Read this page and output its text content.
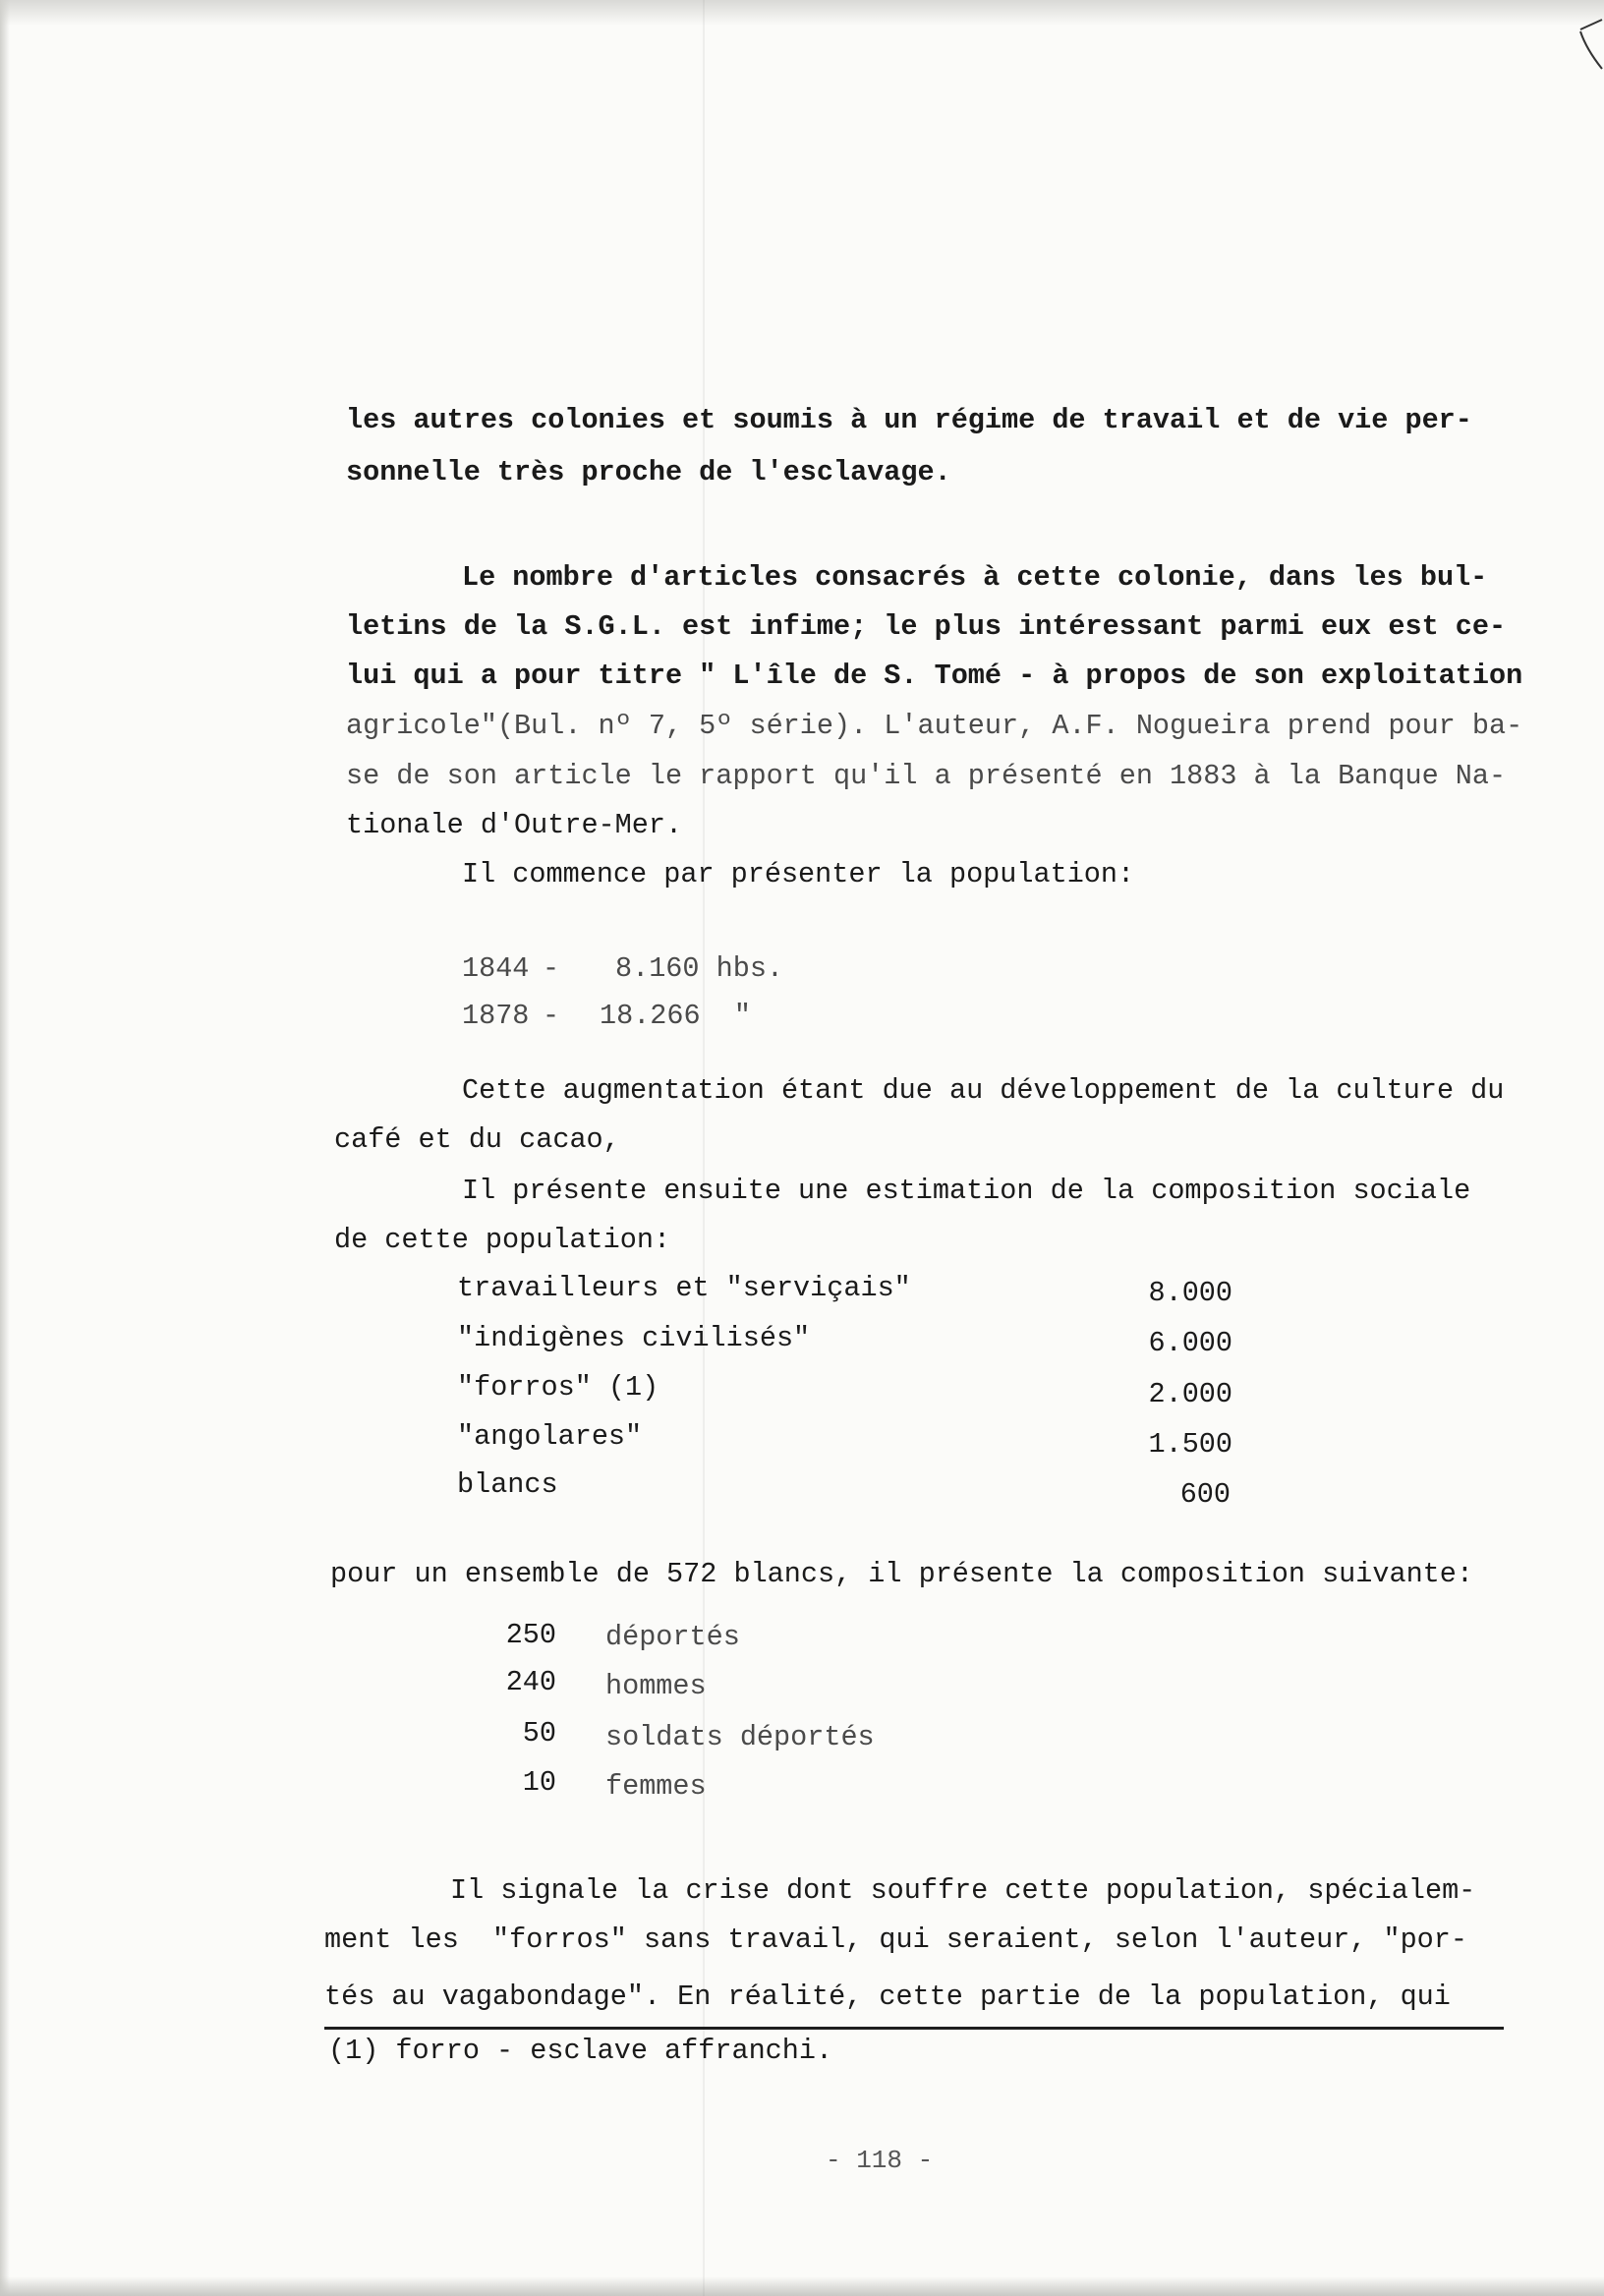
les autres colonies et soumis à un régime de travail et de vie per-
sonnelle très proche de l'esclavage.
Le nombre d'articles consacrés à cette colonie, dans les bul-
letins de la S.G.L. est infime; le plus intéressant parmi eux est ce-
lui qui a pour titre " L'île de S. Tomé - à propos de son exploitation
agricole"(Bul. nº 7, 5º série). L'auteur, A.F. Nogueira prend pour ba-
se de son article le rapport qu'il a présenté en 1883 à la Banque Na-
tionale d'Outre-Mer.
Il commence par présenter la population:
1844 - 8.160 hbs.
1878 - 18.266  "
Cette augmentation étant due au développement de la culture du
café et du cacao,
Il présente ensuite une estimation de la composition sociale
de cette population:
travailleurs et "serviçais"	8.000
"indigènes civilisés"	6.000
"forros" (1)	2.000
"angolares"	1.500
blancs	600
pour un ensemble de 572 blancs, il présente la composition suivante:
250 déportés
240 hommes
50 soldats déportés
10 femmes
Il signale la crise dont souffre cette population, spécialem-
ment les  "forros" sans travail, qui seraient, selon l'auteur, "por-
tés au vagabondage". En réalité, cette partie de la population, qui
(1) forro - esclave affranchi.
- 118 -
